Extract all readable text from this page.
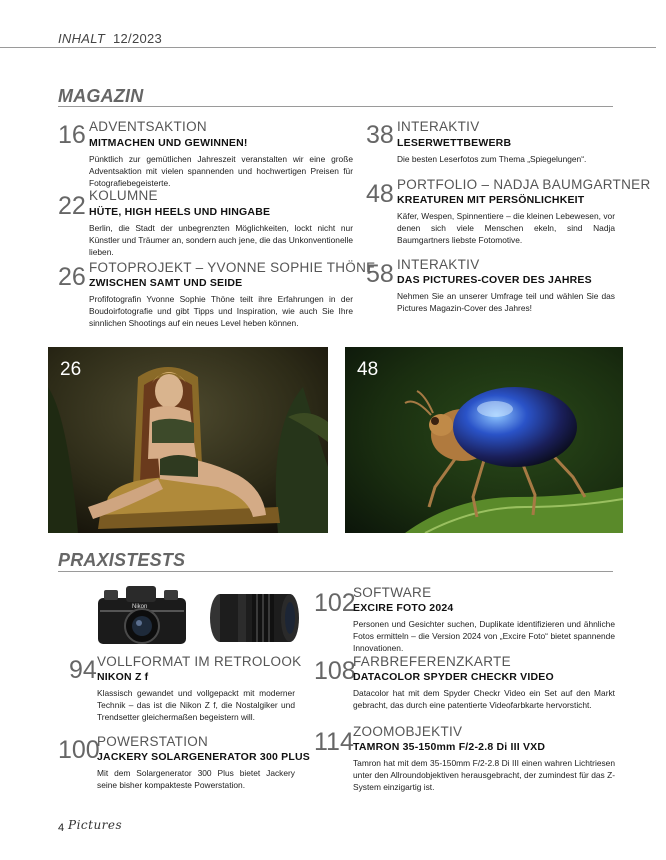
INHALT 12/2023
MAGAZIN
16 ADVENTSAKTION
MITMACHEN UND GEWINNEN!
Pünktlich zur gemütlichen Jahreszeit veranstalten wir eine große Adventsaktion mit vielen spannenden und hochwertigen Preisen für Fotografiebegeisterte.
22 KOLUMNE
HÜTE, HIGH HEELS UND HINGABE
Berlin, die Stadt der unbegrenzten Möglichkeiten, lockt nicht nur Künstler und Träumer an, sondern auch jene, die das Unkonventionelle lieben.
26 FOTOPROJEKT – YVONNE SOPHIE THÖNE
ZWISCHEN SAMT UND SEIDE
Profifotografin Yvonne Sophie Thöne teilt ihre Erfahrungen in der Boudoirfotografie und gibt Tipps und Inspiration, wie auch Sie Ihre sinnlichen Shootings auf ein neues Level heben können.
38 INTERAKTIV
LESERWETTBEWERB
Die besten Leserfotos zum Thema „Spiegelungen“.
48 PORTFOLIO – NADJA BAUMGARTNER
KREATUREN MIT PERSÖNLICHKEIT
Käfer, Wespen, Spinnentiere – die kleinen Lebewesen, vor denen sich viele Menschen ekeln, sind Nadja Baumgartners liebste Fotomotive.
58 INTERAKTIV
DAS PICTURES-COVER DES JAHRES
Nehmen Sie an unserer Umfrage teil und wählen Sie das Pictures Magazin-Cover des Jahres!
26	48
PRAXISTESTS
Nikon
94 VOLLFORMAT IM RETROLOOK
NIKON Z f
Klassisch gewandet und vollgepackt mit moderner Technik – das ist die Nikon Z f, die Nostalgiker und Trendsetter gleichermaßen begeistern will.
100
POWERSTATION
JACKERY SOLARGENERATOR 300 PLUS
Mit dem Solargenerator 300 Plus bietet Jackery seine bisher kompakteste Powerstation.
102
SOFTWARE
EXCIRE FOTO 2024
Personen und Gesichter suchen, Duplikate identifizieren und ähnliche Fotos ermitteln – die Version 2024 von „Excire Foto“ bietet spannende Innovationen.
108
FARBREFERENZKARTE
DATACOLOR SPYDER CHECKR VIDEO
Datacolor hat mit dem Spyder Checkr Video ein Set auf den Markt gebracht, das durch eine patentierte Videofarbkarte hervorsticht.
114 ZOOMOBJEKTIV
TAMRON 35-150mm F/2-2.8 Di III VXD
Tamron hat mit dem 35-150mm F/2-2.8 Di III einen wahren Lichtriesen unter den Allroundobjektiven herausgebracht, der zumindest für das Z-System einzigartig ist.
4 Pictures
